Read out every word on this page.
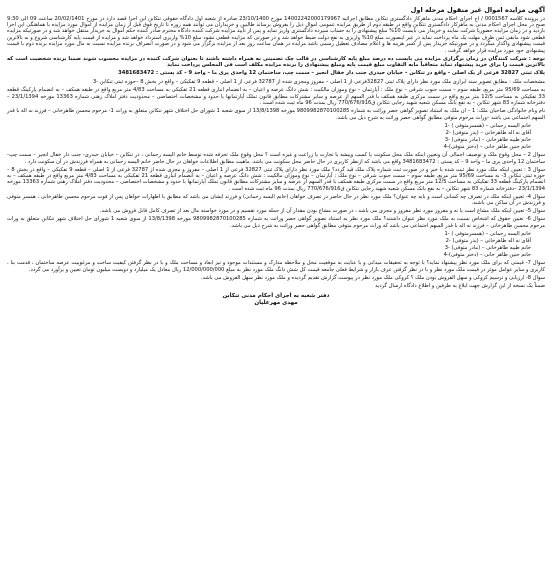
آگهی مزایده اموال غیر منقول مرحله اول

در پرونده کلاسه 0001567 / اج اجرای احکام مدنی ماهرکار دادگستری تنکابن مطابق اجرائیه 140022420001799‌67 مورخ 23/10/1400 صادره از شعبه اول دادگاه حقوقی تنکابن این اجرا قصد دارد در مورخ 20/02/1401 ساعت 09 الی 9:30 صبح در محل اجرای احکام مدنی به ماهرکار دادگستری تنکابن واقع در طبقه دوم از طریق مزایده عمومی اموال ذیل را بفروش برساند طالبین و خریداران می توانند همه روزه تا تاریخ فوق قبل از زمان مزایده از اموال مورد مزایده با هماهنگی این اجرا بازدید و در زمان مزایده حضوریا شرکت نمایند و خریدار می بایست 10% مبلغ پیشنهادی را به حساب سپرده دادگستری واریز نماید و پس از تأیید مزایده شرکت کننده دادگاه محترم صادر کننده حکم اموال به خریدار منتقل خواهد شد و در صورتیکه مزایده قطعی شود مابقی ثمن ظرف مهلت یک ماه پرداخت نماید در غیر اینصورت مبلغ 10% واریزی به نفع دولت ضبط خواهد شد و در صورتی که مزایده قطعی نشود مبلغ 10% واریزی استرداد خواهد شد و مزایده از قیمت پایه کارشناسی شروع و به بالاترین قیمت پیشنهادی واگذار میگردد و در صورتیکه خریدار پس از کسر هزینه ها و اعلام مصادف تعطیل رسمی باشد مزایده در همان ساعت روز بعد از مزایده برگزار می شود و در صورت انصراف برنده مزایده نسبت به مال مورد مزایده برنده دوم با قیمت پیشنهادی خود مورد مزایده قرار خواهد گرفت .

توجه : شرکت کنندگان در زمان برگزاری مزایده می بایست ده درصد مبلغ پایه کارشناسی در قالب چک تضمینی به همراه داشته باشند تا بعنوان شرکت کننده در مزایده محسوب شوند ضمنا برنده شخصیت است که بالاترین قیمت را برای خرید پیشنهاد نماید متعاقباً مابه التفاوت مبلغ قیمت پایه ومبلغ پیشنهادی را برنده مزایده مکلف است فی المجلس پرداخت نماید

پلاک ثبتی 32827 فرعی از یک اصلی - واقع در تنکابن – خیابان حیدری جنب دار خفال انجیر – سمت چپ، ساختمان 12 واحدی پری ما – واحد 9 – کد پستی : 3481683472

مشخصات ملک : مطابق تصویر سند ابرازی ملک مورد نظر دارای پلاک ثبتی 32827فرعی از 1 اصلی – مفروز ومجزی شده از 32787 فرعی از 1 اصلی – قطعه 9 تفکیکی – واقع در بخش 8 –حوزه ثبتی تنکابن -3

به مساحت 95/69 متر مربع، طبقه سوم – سمت جنوب شرقی – نوع ملک : آپارتمان – نوع وموزان مالکیت : شش دانگ عرصه و اعیان – به انضمام انباری قطعه 21 تفکیکی به مساحت 4/83 متر مربع واقع در طبقه همکف – به انضمام پارکینگ قطعه 33 تفکیکی به مساحت 12/5 متر مربع واقع در سمت مرکزی طبقه همکف با قدر السهم از عرصه و سایر مشترکات مطابق قانون تملک آپارتمانها با حدود و مشخصات اختصاصی – محدودیت دفتر املاک رهنی شماره 13363 مورخه 23/1/1394 –دفترخانه شماره 83 شهر تنکابن – به نفع بانک مسکن شعبه شهید رجایی تنکابن ق770/676/916 ریال بمدت 96 ماه ثبت شده است .

نام ونام خانوادگی صاحبان ملک: 1 – ان ملک به استناد تصویر گواهی حصر وراثت به شماره 9809982870100285 مورخه 13/8/1398 از سوی شعبه 1 شورای حل اختلاف شهر تنکابن متعلق به وراث 1- مرحوم محسن طاهرخانی – فرزند نه اله با قدر السهم اجتماعی می باشد –وراث مرحوم متوفی مطابق گواهی حصر وراثت به شرح ذیل می باشد.

خانم الیسه رحمانی – (همسرمتوفی ) -1
آقای نه اله طاهرخانی – (پدر متوفی) -2
خانم طیبه طاهرخانی – (مادر متوفی) -3
خانم حنین طاهر خانی – (دختر متوفی)-4

سوال 2 – محل وقوع ملک و توصیف اجمالی آن وتعیین اینکه ملک محل سکونت یا کسب وپیشه یا تجارت یا زراعت و غیره است ؟ محل وقوع ملک تحرفه شده توسط خانم الیسه رحمانی ، در تنکابن – خیابان حیدری- جنب دار خفال انجیر – سمت چپ- ساختمان 12 واحدی پری ما – واحد 9 – کد پستی : 3481683472 واقع می باشد که ازنظر کاربری در حال حاضر محل سکونت می باشد. ماهیت مطابق اطلاعات خواهان در حال حاضر خانم الیسه رحمانی به همراه فرزندش در آن سکونت دارد .

سوال 3 : تعیین اینکه ملک مورد نظر ثبت شده یا خیر و در صورت ثبت شماره پلاک ملک قید گردد؟ ملک مورد نظر دارای پلاک ثبتی 32827 فرعی از 1 اصلی – مفروز و مجزی شده از 32787 فرعی از 1 اصلی – قطعه 9 تفکیکی – واقع در بخش 8 – حوزه ثبتی تنکابن 3- به مساحت 95/69 متر مربع، طبقه سوم – سمت جنوب شرقی – نوع ملک : آپارتمان – نوع وموزان مالکیت : شش دانگ عرصه و اعیان – به انضمام انباری قطعه 21 تفکیکی به مساحت 4/83 متر مربع واقع در طبقه همکف – به انضمام پارکینگ قطعه 33 تفکیکی به مساحت 12/5 متر مربع واقع در سمت مرکزی طبقه همکف با قدر السهم از عرصه و سایر مشترکات مطابق قانون تملک آپارتمانها با حدود و مشخصات اختصاصی – محدودیت دفتر املاک رهنی شماره 13363 مورخه 23/1/1394 –دفترخانه شماره 83 شهر تنکابن – به نفع بانک مسکن شعبه شهید رجایی تنکابن ق770/676/916 ریال بمدت 96 ماه ثبت شده است .

سوال 4- تعیین اینکه ملک در تصرف چه کسانی است و بایه چه عنوان؟ ملک مورد نظر در حال حاضر در تصرف خواهان (خانم الیسه رحمانی) و فرزند ایشان می باشد که مطابق با اظهارات خواهان پس از فوت مرحوم محسن طاهرخانی ، همسر متوفی و فرزندش در آن ساکن می باشند.

سوال 5- تعیین اینکه ملک مشاع است یا نه و مفروز مورد نظر مفروز و مجزی می باشد ، در صورت مشاع بودن مقدار آن از جمله مورد تقسیم و در مورد خواسته مال بعد از تصرف کامل قابل فروش می باشد.

سوال 6- تعیین حقوق که اشخاص نسبت به ملک مورد نظر عنوان داشتند؟ ملک مورد نظر به استناد تصویر گواهی حصر وراثت به شماره 9809982870100285 مورخه 13/8/1398 از سوی شعبه 1 شورای حل اختلاف شهر تنکابن متعلق به وراث مرحوم محسن طاهرخانی – فرزند نه اله با قدر السهم اجتماعی می باشد که وراث مرحوم متوفی مطابق گواهی حصر وراثت به شرح ذیل می باشد.

خانم الیسه رحمانی – (همسرمتوفی ) -1
آقای نه اله طاهرخانی – (پدر متوفی) -2
خانم طیبه طاهرخانی – (مادر متوفی) -3
خانم حنین طاهر خانی – (دختر متوفی)-4

سوال 7- قیمتی که برای ملک مورد نظر پیشنهاد نماید؟ با توجه به تحقیقات میدانی و با عنایت به موقعیت محل و ملاحظه مدارک و مستندات موجود و نیز ابعاد و مساحت ملک و با در نظر گرفتن کیفیت ساخت و مرغوبیت عرصه ساختمان ، قدمت بنا ، کاربری و سایر عوامل موثر در قیمت ملک مورد نظر و با در نظر گرفتن عرف بازار و شرایط فعلی جامعه قیمت کل شش دانگ ملک مورد نظر به مبلغ 12/000/000/000 ریال معادل یک میلیارد و دویست میلیون تومان تعیین و برآورد می گردد.

سوال 8- ارزیابی و ترسیم کروکی و سهل الفروش بودن ملک ؟ کروکی ملک مورد نظر در پیوست گزارش تقدیم گردیده و ملک مورد نظر سهل الفروش می باشد.

ضمناً یک نسخه از این گزارش جهت ابلاغ به طرفین و اطلاع دادگاه ارسال گردید

دفتر شعبه به اجرای احکام مدنی تنکابن
مهدی مهرعلیان
